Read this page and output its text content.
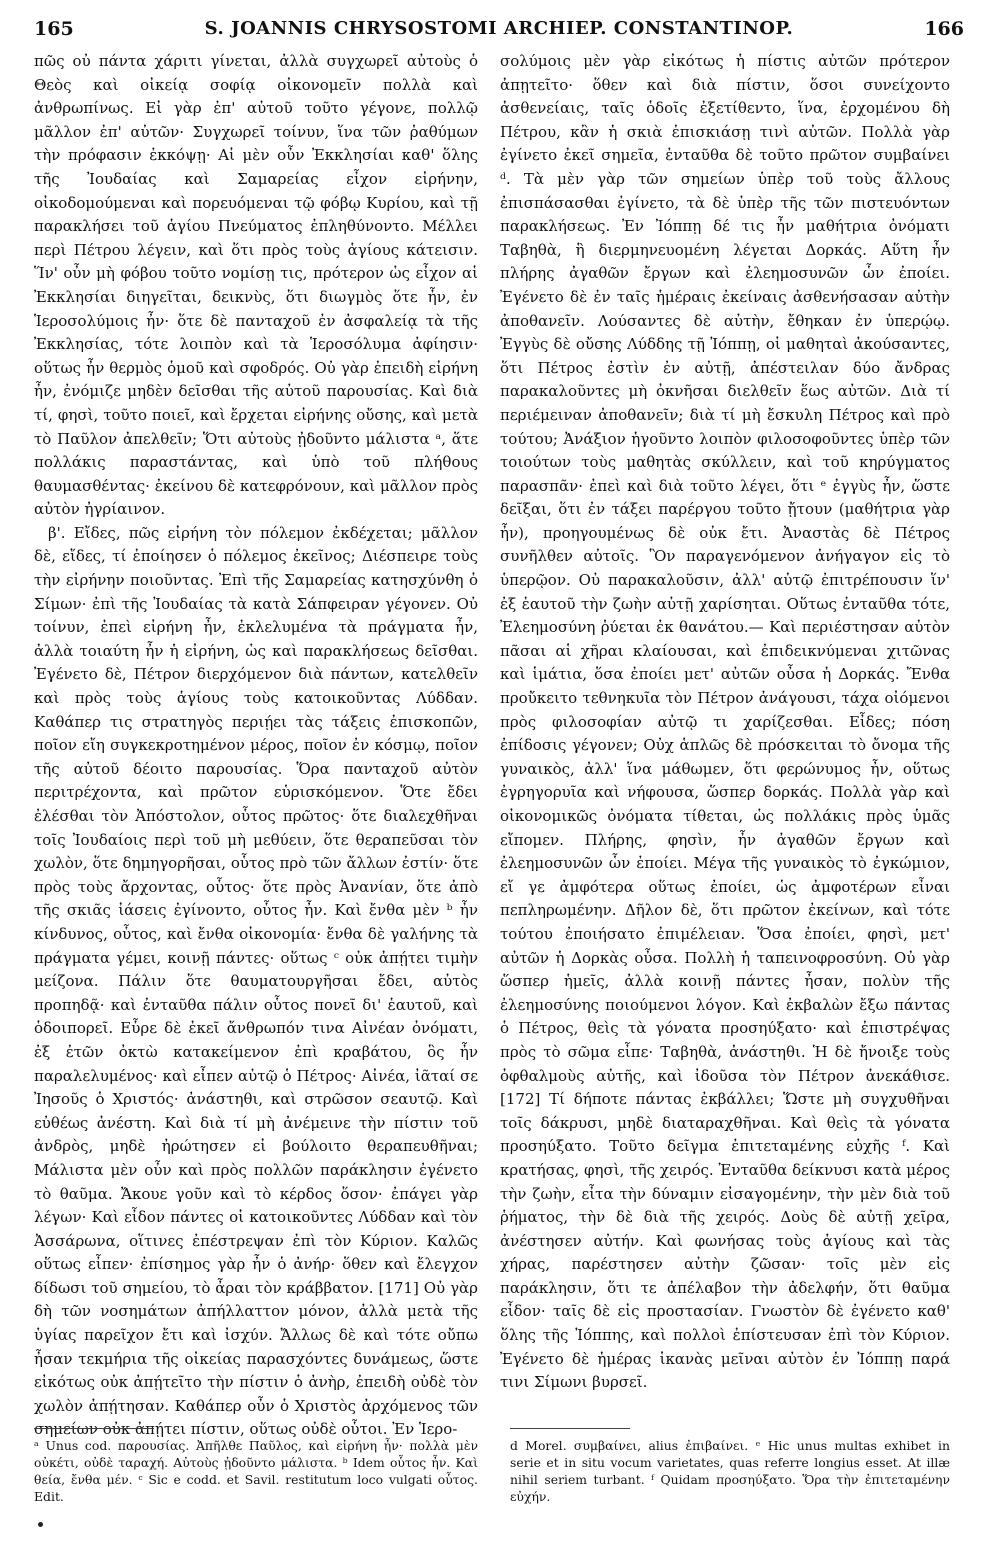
165	S. JOANNIS CHRYSOSTOMI ARCHIEP. CONSTANTINOP.	166

πῶς οὐ πάντα χάριτι γίνεται, ἀλλὰ συγχωρεῖ αὐτοὺς ὁ Θεὸς καὶ οἰκείᾳ σοφίᾳ οἰκονομεῖν πολλὰ καὶ ἀνθρωπίνως. Εἰ γὰρ ἐπ' αὐτοῦ τοῦτο γέγονε, πολλῷ μᾶλλον ἐπ' αὐτῶν· Συγχωρεῖ τοίνυν, ἵνα τῶν ῥαθύμων τὴν πρόφασιν ἐκκόψῃ· Αἱ μὲν οὖν Ἐκκλησίαι καθ' ὅλης τῆς Ἰουδαίας καὶ Σαμαρείας εἶχον εἰρήνην, οἰκοδομούμεναι καὶ πορευόμεναι τῷ φόβῳ Κυρίου, καὶ τῇ παρακλήσει τοῦ ἁγίου Πνεύματος ἐπληθύνοντο. Μέλλει περὶ Πέτρου λέγειν, καὶ ὅτι πρὸς τοὺς ἁγίους κάτεισιν. Ἵν' οὖν μὴ φόβου τοῦτο νομίσῃ τις, πρότερον ὡς εἶχον αἱ Ἐκκλησίαι διηγεῖται, δεικνὺς, ὅτι διωγμὸς ὅτε ἦν, ἐν Ἱεροσολύμοις ἦν· ὅτε δὲ πανταχοῦ ἐν ἀσφαλείᾳ τὰ τῆς Ἐκκλησίας, τότε λοιπὸν καὶ τὰ Ἱεροσόλυμα ἀφίησιν· οὕτως ἦν θερμὸς ὁμοῦ καὶ σφοδρός. Οὐ γὰρ ἐπειδὴ εἰρήνη ἦν, ἐνόμιζε μηδὲν δεῖσθαι τῆς αὐτοῦ παρουσίας. Καὶ διὰ τί, φησὶ, τοῦτο ποιεῖ, καὶ ἔρχεται εἰρήνης οὔσης, καὶ μετὰ τὸ Παῦλον ἀπελθεῖν; Ὅτι αὐτοὺς ᾐδοῦντο μάλιστα ᵃ, ἅτε πολλάκις παραστάντας, καὶ ὑπὸ τοῦ πλήθους θαυμασθέντας· ἐκείνου δὲ κατεφρόνουν, καὶ μᾶλλον πρὸς αὐτὸν ἠγρίαινον.

β'. Εἴδες, πῶς εἰρήνη τὸν πόλεμον ἐκδέχεται; μᾶλλον δὲ, εἴδες, τί ἐποίησεν ὁ πόλεμος ἐκεῖνος; Διέσπειρε τοὺς τὴν εἰρήνην ποιοῦντας. Ἐπὶ τῆς Σαμαρείας κατησχύνθη ὁ Σίμων· ἐπὶ τῆς Ἰουδαίας τὰ κατὰ Σάπφειραν γέγονεν. Οὐ τοίνυν, ἐπεὶ εἰρήνη ἦν, ἐκλελυμένα τὰ πράγματα ἦν, ἀλλὰ τοιαύτη ἦν ἡ εἰρήνη, ὡς καὶ παρακλήσεως δεῖσθαι. Ἐγένετο δὲ, Πέτρον διερχόμενον διὰ πάντων, κατελθεῖν καὶ πρὸς τοὺς ἁγίους τοὺς κατοικοῦντας Λύδδαν. Καθάπερ τις στρατηγὸς περιῄει τὰς τάξεις ἐπισκοπῶν, ποῖον εἴη συγκεκροτημένον μέρος, ποῖον ἐν κόσμῳ, ποῖον τῆς αὐτοῦ δέοιτο παρουσίας. Ὅρα πανταχοῦ αὐτὸν περιτρέχοντα, καὶ πρῶτον εὑρισκόμενον. Ὅτε ἔδει ἐλέσθαι τὸν Ἀπόστολον, οὗτος πρῶτος· ὅτε διαλεχθῆναι τοῖς Ἰουδαίοις περὶ τοῦ μὴ μεθύειν, ὅτε θεραπεῦσαι τὸν χωλὸν, ὅτε δημηγορῆσαι, οὗτος πρὸ τῶν ἄλλων ἐστίν· ὅτε πρὸς τοὺς ἄρχοντας, οὗτος· ὅτε πρὸς Ἀνανίαν, ὅτε ἀπὸ τῆς σκιᾶς ἰάσεις ἐγίνοντο, οὗτος ἦν. Καὶ ἔνθα μὲν ᵇ ἦν κίνδυνος, οὗτος, καὶ ἔνθα οἰκονομία· ἔνθα δὲ γαλήνης τὰ πράγματα γέμει, κοινῇ πάντες· οὕτως ᶜ οὐκ ἀπῄτει τιμὴν μείζονα. Πάλιν ὅτε θαυματουργῆσαι ἔδει, αὐτὸς προπηδᾷ· καὶ ἐνταῦθα πάλιν οὗτος πονεῖ δι' ἑαυτοῦ, καὶ ὁδοιπορεῖ. Εὗρε δὲ ἐκεῖ ἄνθρωπόν τινα Αἰνέαν ὀνόματι, ἐξ ἐτῶν ὀκτὼ κατακείμενον ἐπὶ κραβάτου, ὃς ἦν παραλελυμένος· καὶ εἶπεν αὐτῷ ὁ Πέτρος· Αἰνέα, ἰᾶταί σε Ἰησοῦς ὁ Χριστός· ἀνάστηθι, καὶ στρῶσον σεαυτῷ. Καὶ εὐθέως ἀνέστη. Καὶ διὰ τί μὴ ἀνέμεινε τὴν πίστιν τοῦ ἀνδρὸς, μηδὲ ἠρώτησεν εἰ βούλοιτο θεραπευθῆναι; Μάλιστα μὲν οὖν καὶ πρὸς πολλῶν παράκλησιν ἐγένετο τὸ θαῦμα. Ἄκουε γοῦν καὶ τὸ κέρδος ὅσον· ἐπάγει γὰρ λέγων· Καὶ εἶδον πάντες οἱ κατοικοῦντες Λύδδαν καὶ τὸν Ἀσσάρωνα, οἵτινες ἐπέστρεψαν ἐπὶ τὸν Κύριον. Καλῶς οὕτως εἶπεν· ἐπίσημος γὰρ ἦν ὁ ἀνήρ· ὅθεν καὶ ἔλεγχον δίδωσι τοῦ σημείου, τὸ ἆραι τὸν κράββατον. [171] Οὐ γὰρ δὴ τῶν νοσημάτων ἀπήλλαττον μόνον, ἀλλὰ μετὰ τῆς ὑγίας παρεῖχον ἔτι καὶ ἰσχύν. Ἄλλως δὲ καὶ τότε οὔπω ἦσαν τεκμήρια τῆς οἰκείας παρασχόντες δυνάμεως, ὥστε εἰκότως οὐκ ἀπῄτεῖτο τὴν πίστιν ὁ ἀνὴρ, ἐπειδὴ οὐδὲ τὸν χωλὸν ἀπῄτησαν. Καθάπερ οὖν ὁ Χριστὸς ἀρχόμενος τῶν σημείων οὐκ ἀπῄτει πίστιν, οὕτως οὐδὲ οὗτοι. Ἐν Ἱερο-

σολύμοις μὲν γὰρ εἰκότως ἡ πίστις αὐτῶν πρότερον ἀπῃτεῖτο· ὅθεν καὶ διὰ πίστιν, ὅσοι συνείχοντο ἀσθενείαις, ταῖς ὁδοῖς ἐξετίθεντο, ἵνα, ἐρχομένου δὴ Πέτρου, κἂν ἡ σκιὰ ἐπισκιάσῃ τινὶ αὐτῶν. Πολλὰ γὰρ ἐγίνετο ἐκεῖ σημεῖα, ἐνταῦθα δὲ τοῦτο πρῶτον συμβαίνει ᵈ. Τὰ μὲν γὰρ τῶν σημείων ὑπὲρ τοῦ τοὺς ἄλλους ἐπισπάσασθαι ἐγίνετο, τὰ δὲ ὑπὲρ τῆς τῶν πιστευόντων παρακλήσεως. Ἐν Ἰόππῃ δέ τις ἦν μαθήτρια ὀνόματι Ταβηθὰ, ἣ διερμηνευομένη λέγεται Δορκάς. Αὕτη ἦν πλήρης ἀγαθῶν ἔργων καὶ ἐλεημοσυνῶν ὧν ἐποίει. Ἐγένετο δὲ ἐν ταῖς ἡμέραις ἐκείναις ἀσθενήσασαν αὐτὴν ἀποθανεῖν. Λούσαντες δὲ αὐτὴν, ἔθηκαν ἐν ὑπερῴῳ. Ἐγγὺς δὲ οὔσης Λύδδης τῇ Ἰόππῃ, οἱ μαθηταὶ ἀκούσαντες, ὅτι Πέτρος ἐστὶν ἐν αὐτῇ, ἀπέστειλαν δύο ἄνδρας παρακαλοῦντες μὴ ὀκνῆσαι διελθεῖν ἕως αὐτῶν. Διὰ τί περιέμειναν ἀποθανεῖν; διὰ τί μὴ ἔσκυλη Πέτρος καὶ πρὸ τούτου; Ἀνάξιον ἡγοῦντο λοιπὸν φιλοσοφοῦντες ὑπὲρ τῶν τοιούτων τοὺς μαθητὰς σκύλλειν, καὶ τοῦ κηρύγματος παρασπᾶν· ἐπεὶ καὶ διὰ τοῦτο λέγει, ὅτι ᵉ ἐγγὺς ἦν, ὥστε δεῖξαι, ὅτι ἐν τάξει παρέργου τοῦτο ᾔτουν (μαθήτρια γὰρ ἦν), προηγουμένως δὲ οὐκ ἔτι. Ἀναστὰς δὲ Πέτρος συνῆλθεν αὐτοῖς. Ὃν παραγενόμενον ἀνήγαγον εἰς τὸ ὑπερῷον. Οὐ παρακαλοῦσιν, ἀλλ' αὐτῷ ἐπιτρέπουσιν ἵν' ἐξ ἑαυτοῦ τὴν ζωὴν αὐτῇ χαρίσηται. Οὕτως ἐνταῦθα τότε, Ἐλεημοσύνη ῥύεται ἐκ θανάτου.— Καὶ περιέστησαν αὐτὸν πᾶσαι αἱ χῆραι κλαίουσαι, καὶ ἐπιδεικνύμεναι χιτῶνας καὶ ἱμάτια, ὅσα ἐποίει μετ' αὐτῶν οὖσα ἡ Δορκάς. Ἔνθα προὔκειτο τεθνηκυῖα τὸν Πέτρον ἀνάγουσι, τάχα οἰόμενοι πρὸς φιλοσοφίαν αὐτῷ τι χαρίζεσθαι. Εἶδες; πόση ἐπίδοσις γέγονεν; Οὐχ ἁπλῶς δὲ πρόσκειται τὸ ὄνομα τῆς γυναικὸς, ἀλλ' ἵνα μάθωμεν, ὅτι φερώνυμος ἦν, οὕτως ἐγρηγορυῖα καὶ νήφουσα, ὥσπερ δορκάς. Πολλὰ γὰρ καὶ οἰκονομικῶς ὀνόματα τίθεται, ὡς πολλάκις πρὸς ὑμᾶς εἴπομεν. Πλήρης, φησὶν, ἦν ἀγαθῶν ἔργων καὶ ἐλεημοσυνῶν ὧν ἐποίει. Μέγα τῆς γυναικὸς τὸ ἐγκώμιον, εἴ γε ἀμφότερα οὕτως ἐποίει, ὡς ἀμφοτέρων εἶναι πεπληρωμένην. Δῆλον δὲ, ὅτι πρῶτον ἐκείνων, καὶ τότε τούτου ἐποιήσατο ἐπιμέλειαν. Ὅσα ἐποίει, φησὶ, μετ' αὐτῶν ἡ Δορκὰς οὖσα. Πολλὴ ἡ ταπεινοφροσύνη. Οὐ γὰρ ὥσπερ ἡμεῖς, ἀλλὰ κοινῇ πάντες ἦσαν, πολὺν τῆς ἐλεημοσύνης ποιούμενοι λόγον. Καὶ ἐκβαλὼν ἔξω πάντας ὁ Πέτρος, θεὶς τὰ γόνατα προσηύξατο· καὶ ἐπιστρέψας πρὸς τὸ σῶμα εἶπε· Ταβηθὰ, ἀνάστηθι. Ἡ δὲ ἤνοιξε τοὺς ὀφθαλμοὺς αὐτῆς, καὶ ἰδοῦσα τὸν Πέτρον ἀνεκάθισε. [172] Τί δήποτε πάντας ἐκβάλλει; Ὥστε μὴ συγχυθῆναι τοῖς δάκρυσι, μηδὲ διαταραχθῆναι. Καὶ θεὶς τὰ γόνατα προσηύξατο. Τοῦτο δεῖγμα ἐπιτεταμένης εὐχῆς ᶠ. Καὶ κρατήσας, φησὶ, τῆς χειρός. Ἐνταῦθα δείκνυσι κατὰ μέρος τὴν ζωὴν, εἶτα τὴν δύναμιν εἰσαγομένην, τὴν μὲν διὰ τοῦ ῥήματος, τὴν δὲ διὰ τῆς χειρός. Δοὺς δὲ αὐτῇ χεῖρα, ἀνέστησεν αὐτήν. Καὶ φωνήσας τοὺς ἁγίους καὶ τὰς χήρας, παρέστησεν αὐτὴν ζῶσαν· τοῖς μὲν εἰς παράκλησιν, ὅτι τε ἀπέλαβον τὴν ἀδελφήν, ὅτι θαῦμα εἶδον· ταῖς δὲ εἰς προστασίαν. Γνωστὸν δὲ ἐγένετο καθ' ὅλης τῆς Ἰόππης, καὶ πολλοὶ ἐπίστευσαν ἐπὶ τὸν Κύριον. Ἐγένετο δὲ ἡμέρας ἱκανὰς μεῖναι αὐτὸν ἐν Ἰόππῃ παρά τινι Σίμωνι βυρσεῖ.

ᵃ Unus cod. παρουσίας. Ἀπῆλθε Παῦλος, καὶ εἰρήνη ἦν· πολλὰ μὲν οὐκέτι, οὐδὲ ταραχή. Αὐτοὺς ᾐδοῦντο μάλιστα. ᵇ Idem οὗτος ἦν. Καὶ θεία, ἔνθα μέν. ᶜ Sic e codd. et Savil. restitutum loco vulgati οὗτος. Edit.
d Morel. συμβαίνει, alius ἐπιβαίνει. ᵉ Hic unus multas exhibet in serie et in situ vocum varietates, quas referre longius esset. At illæ nihil seriem turbant. ᶠ Quidam προσηύξατο. Ὅρα τὴν ἐπιτεταμένην εὐχήν.
